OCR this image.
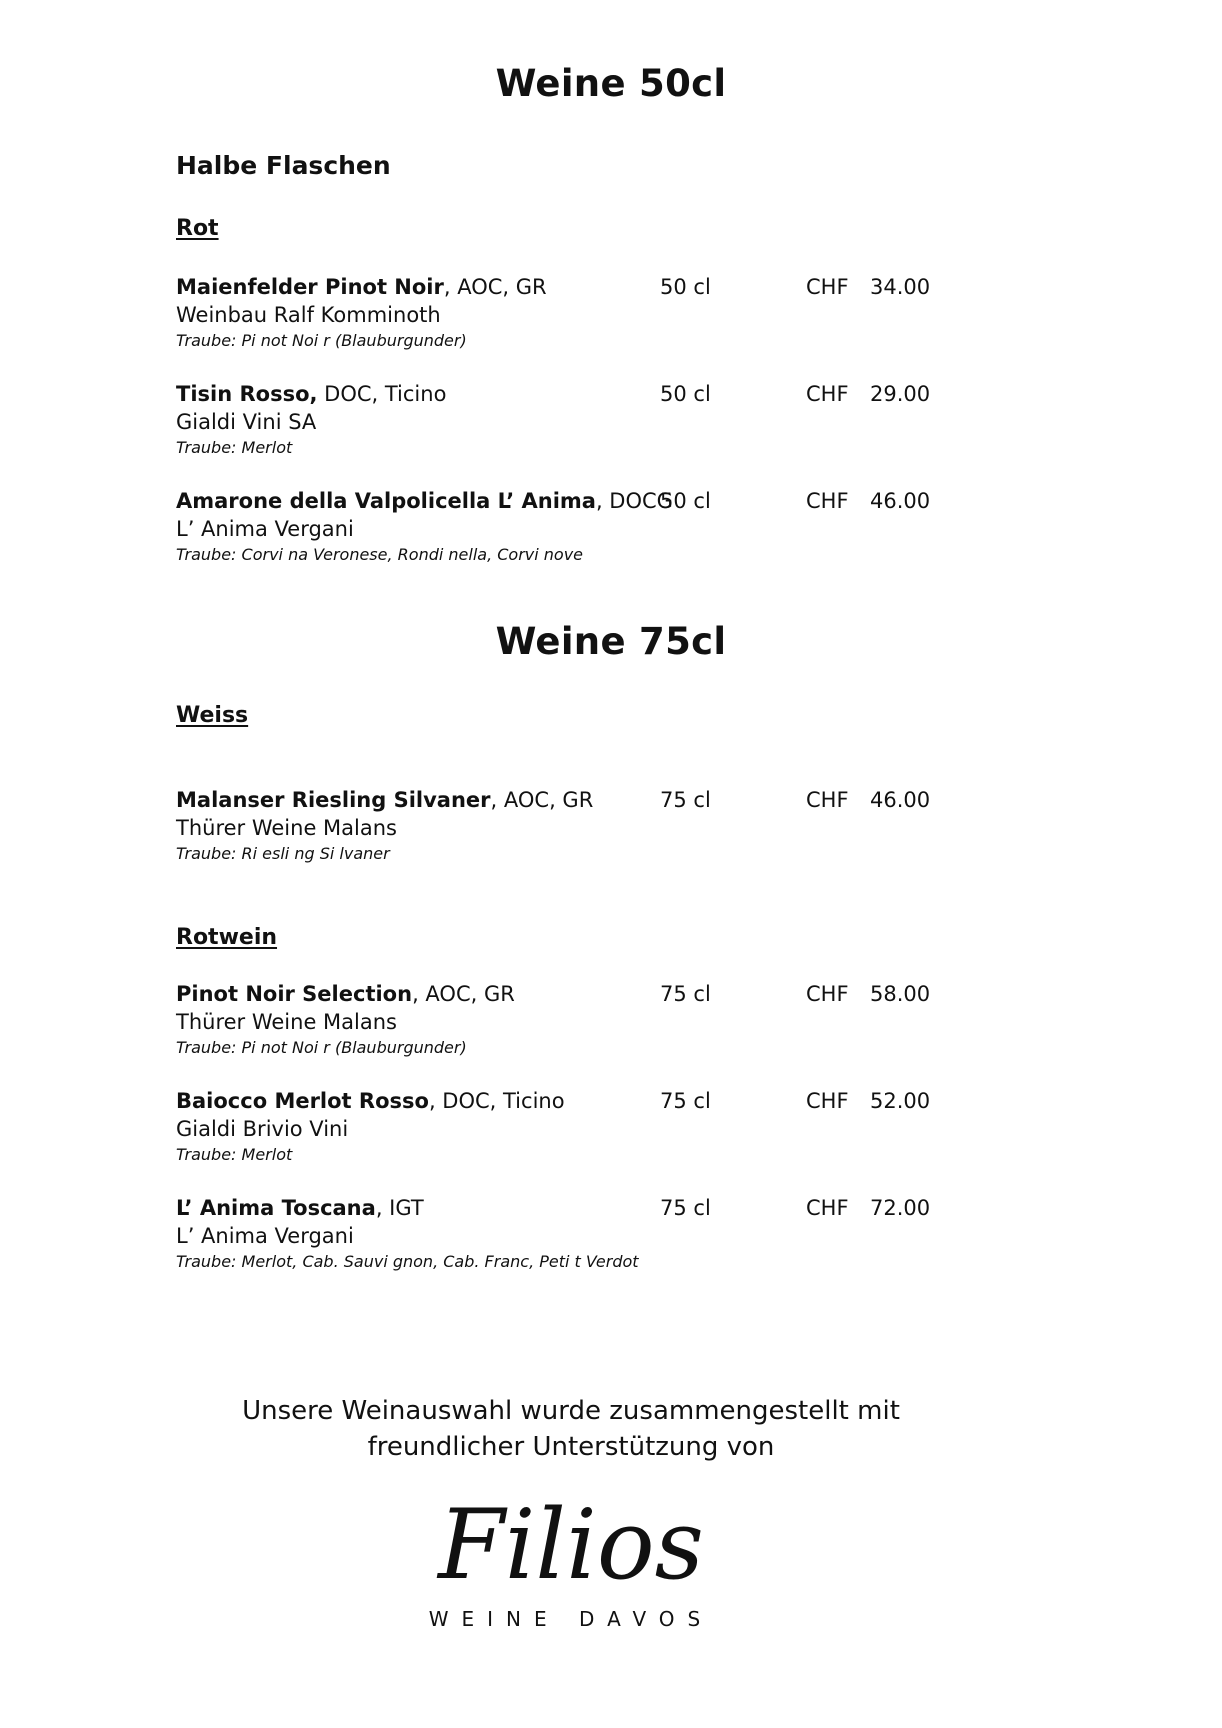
Weine 50cl
Halbe Flaschen
Rot
Maienfelder Pinot Noir, AOC, GR
Weinbau Ralf Komminoth
Traube: Pi not Noi r (Blauburgunder)
50 cl	CHF 34.00
Tisin Rosso, DOC, Ticino
Gialdi Vini SA
Traube: Merlot
50 cl	CHF 29.00
Amarone della Valpolicella L’ Anima, DOCG
L’ Anima Vergani
Traube: Corvi na Veronese, Rondi nella, Corvi nove
50 cl	CHF 46.00
Weine 75cl
Weiss
Malanser Riesling Silvaner, AOC, GR
Thürer Weine Malans
Traube: Ri esli ng Si lvaner
75 cl	CHF 46.00
Rotwein
Pinot Noir Selection, AOC, GR
Thürer Weine Malans
Traube: Pi not Noi r (Blauburgunder)
75 cl	CHF 58.00
Baiocco Merlot Rosso, DOC, Ticino
Gialdi Brivio Vini
Traube: Merlot
75 cl	CHF 52.00
L’ Anima Toscana, IGT
L’ Anima Vergani
Traube: Merlot, Cab. Sauvi gnon, Cab. Franc, Peti t Verdot
75 cl	CHF 72.00
Unsere Weinauswahl wurde zusammengestellt mit
freundlicher Unterstützung von
Filios
WEINE DAVOS
